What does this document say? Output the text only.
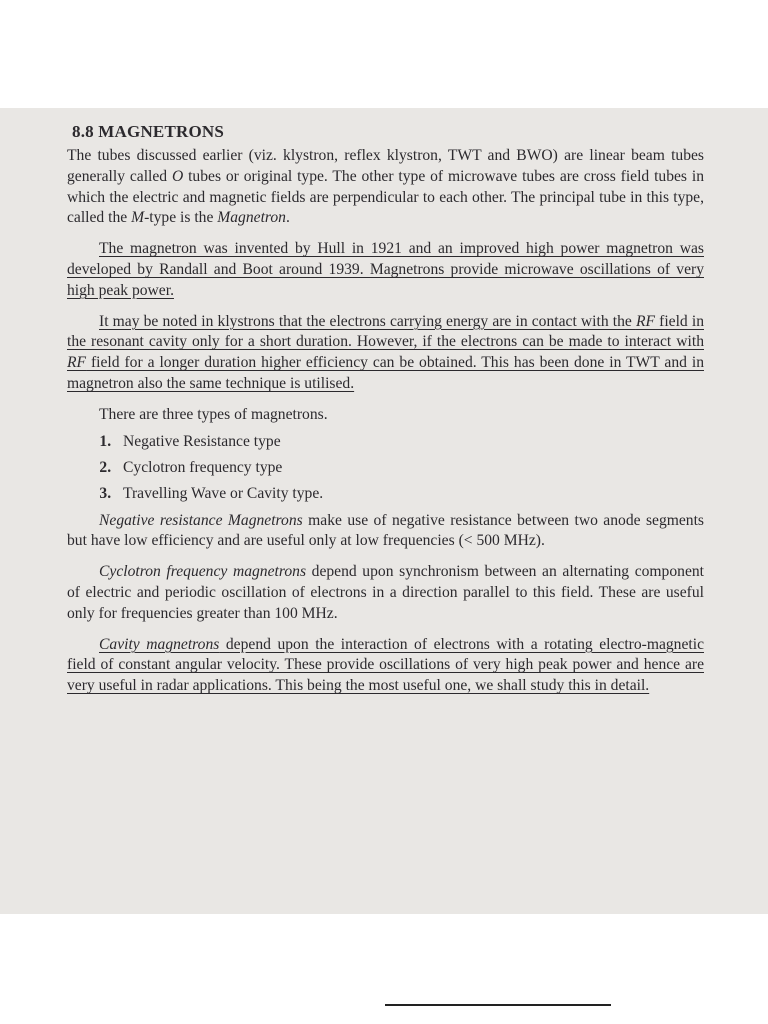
8.8 MAGNETRONS

The tubes discussed earlier (viz. klystron, reflex klystron, TWT and BWO) are linear beam tubes generally called O tubes or original type. The other type of microwave tubes are cross field tubes in which the electric and magnetic fields are perpendicular to each other. The principal tube in this type, called the M-type is the Magnetron.

The magnetron was invented by Hull in 1921 and an improved high power magnetron was developed by Randall and Boot around 1939. Magnetrons provide microwave oscillations of very high peak power.

It may be noted in klystrons that the electrons carrying energy are in contact with the RF field in the resonant cavity only for a short duration. However, if the electrons can be made to interact with RF field for a longer duration higher efficiency can be obtained. This has been done in TWT and in magnetron also the same technique is utilised.

There are three types of magnetrons.

1. Negative Resistance type
2. Cyclotron frequency type
3. Travelling Wave or Cavity type.

Negative resistance Magnetrons make use of negative resistance between two anode segments but have low efficiency and are useful only at low frequencies (< 500 MHz).

Cyclotron frequency magnetrons depend upon synchronism between an alternating component of electric and periodic oscillation of electrons in a direction parallel to this field. These are useful only for frequencies greater than 100 MHz.

Cavity magnetrons depend upon the interaction of electrons with a rotating electro-magnetic field of constant angular velocity. These provide oscillations of very high peak power and hence are very useful in radar applications. This being the most useful one, we shall study this in detail.
